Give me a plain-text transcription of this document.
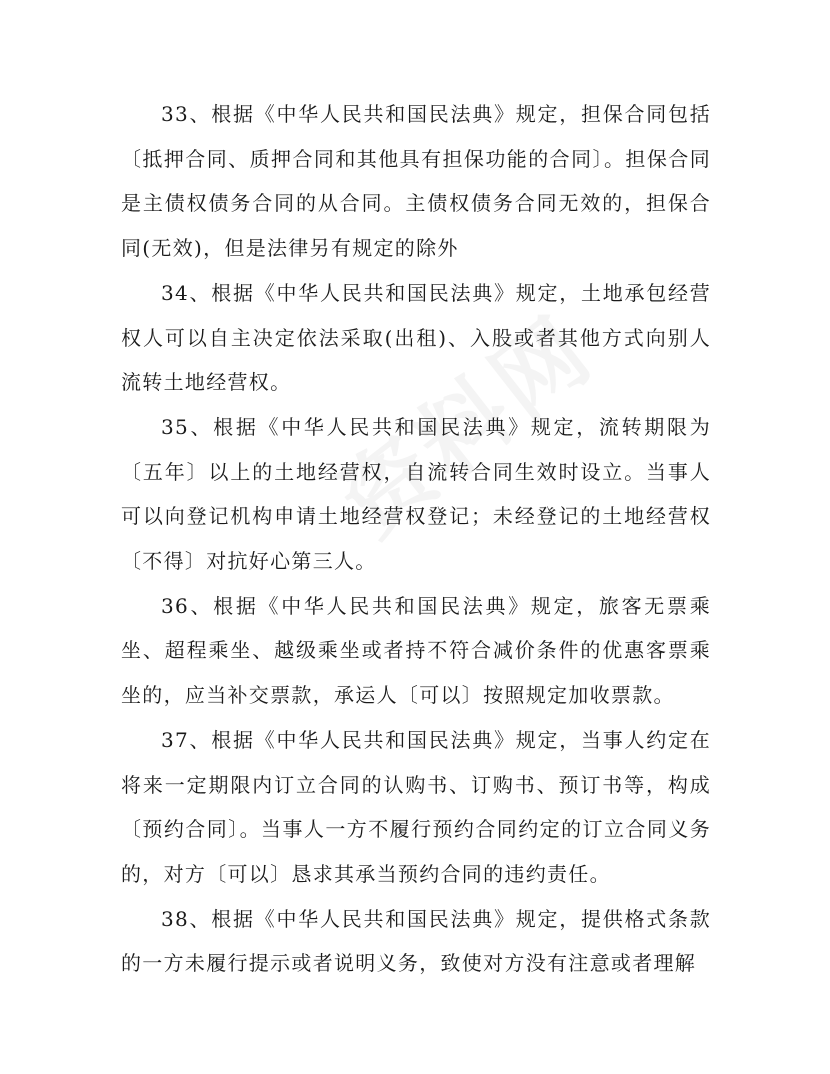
33、根据《中华人民共和国民法典》规定，担保合同包括〔抵押合同、质押合同和其他具有担保功能的合同〕。担保合同是主债权债务合同的从合同。主债权债务合同无效的，担保合同(无效)，但是法律另有规定的除外

34、根据《中华人民共和国民法典》规定，土地承包经营权人可以自主决定依法采取(出租)、入股或者其他方式向别人流转土地经营权。

35、根据《中华人民共和国民法典》规定，流转期限为〔五年〕以上的土地经营权，自流转合同生效时设立。当事人可以向登记机构申请土地经营权登记；未经登记的土地经营权〔不得〕对抗好心第三人。

36、根据《中华人民共和国民法典》规定，旅客无票乘坐、超程乘坐、越级乘坐或者持不符合减价条件的优惠客票乘坐的，应当补交票款，承运人〔可以〕按照规定加收票款。

37、根据《中华人民共和国民法典》规定，当事人约定在将来一定期限内订立合同的认购书、订购书、预订书等，构成〔预约合同〕。当事人一方不履行预约合同约定的订立合同义务的，对方〔可以〕恳求其承当预约合同的违约责任。

38、根据《中华人民共和国民法典》规定，提供格式条款的一方未履行提示或者说明义务，致使对方没有注意或者理解
